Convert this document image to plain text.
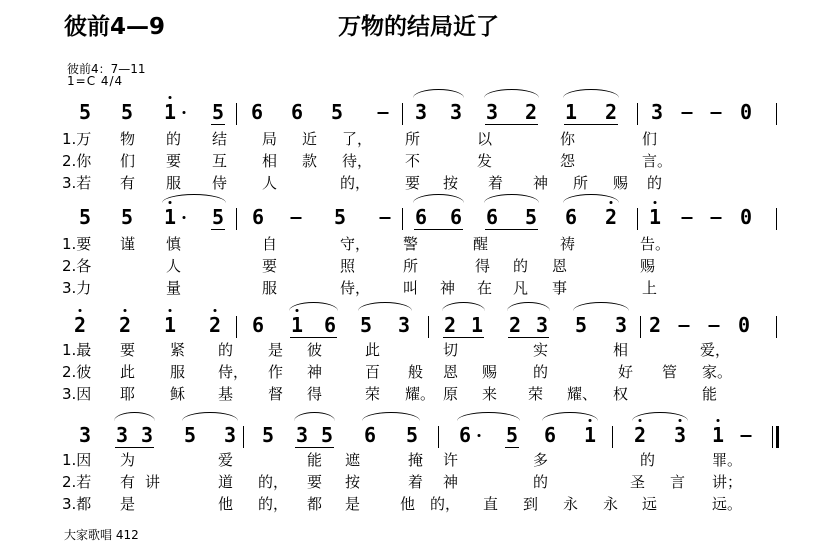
彼前4—9	万物的结局近了
彼前4：7—11
1=C 4/4
5 5 1 5 6 6 5	3 3 3 2 1 2 3	0
1.万 物 的 结 局 近 了， 所	以	你	们
2.你 们 要 互 相 款 待， 不	发	怨	言。
3.若 有 服 侍 人	的， 要 按 着 神 所 赐 的
5 5 1 5 6	5	6 6 6 5 6 2 1	0
1.要 谨 慎	自	守， 警	醒	祷	告。
2.各	人	要	照	所	得 的 恩	赐
3.力	量	服	侍， 叫 神 在 凡 事	上
2 2 1 2 6 1 6 5 3 2 1 2 3 5 3 2	0
1.最 要 紧 的 是 彼	此	切	实	相	爱，
2.彼 此 服 侍， 作 神	百 般 恩 赐 的	好 管 家。
3.因 耶 稣 基 督 得	荣 耀。 原 来 荣 耀、 权	能
3 3 3 5 3 5 3 5 6 5 6 5 6 1 2 3 1
1.因 为	爱	能 遮	掩 许	多	的	罪。
2.若 有 讲	道 的， 要 按	着 神	的	圣 言 讲；
3.都 是	他 的， 都 是	他 的， 直 到 永 永 远	远。
大家歌唱 412
